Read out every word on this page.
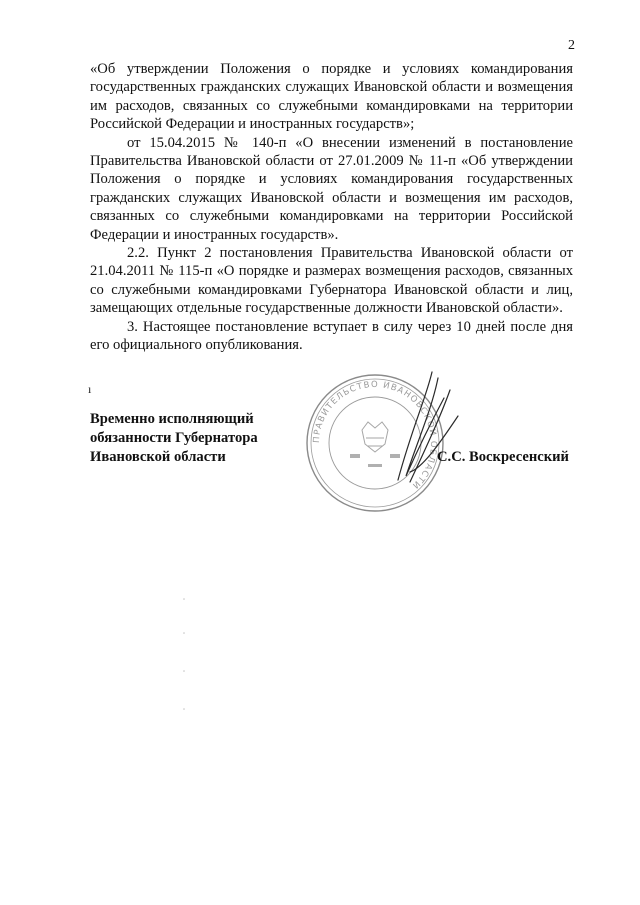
2

«Об утверждении Положения о порядке и условиях командирования государственных гражданских служащих Ивановской области и возмещения им расходов, связанных со служебными командировками на территории Российской Федерации и иностранных государств»;

от 15.04.2015 № 140-п «О внесении изменений в постановление Правительства Ивановской области от 27.01.2009 № 11-п «Об утверждении Положения о порядке и условиях командирования государственных гражданских служащих Ивановской области и возмещения им расходов, связанных со служебными командировками на территории Российской Федерации и иностранных государств».

2.2. Пункт 2 постановления Правительства Ивановской области от 21.04.2011 № 115-п «О порядке и размерах возмещения расходов, связанных со служебными командировками Губернатора Ивановской области и лиц, замещающих отдельные государственные должности Ивановской области».

3. Настоящее постановление вступает в силу через 10 дней после дня его официального опубликования.

ı
Временно исполняющий
обязанности Губернатора
Ивановской области
ПРАВИТЕЛЬСТВО ИВАНОВСКОЙ ОБЛАСТИ
С.С. Воскресенский
